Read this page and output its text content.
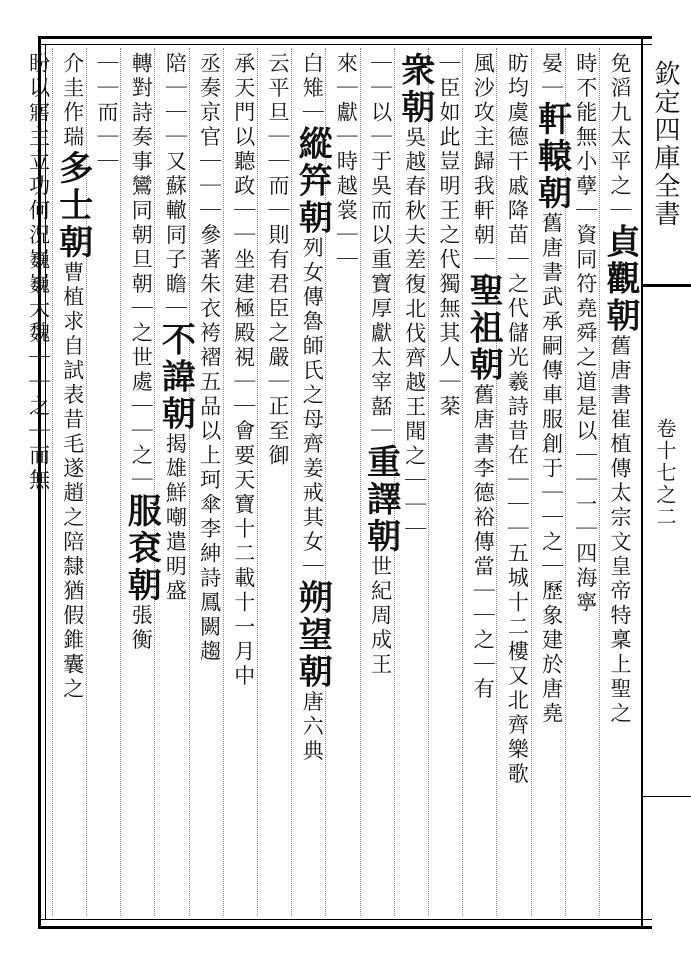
欽定四庫全書
卷十七之二
免滔九太平之｜貞觀朝舊唐書崔植傳太宗文皇帝特稟上聖之
時不能無小孽｜資同符堯舜之道是以｜｜一｜四海寧
晏｜軒轅朝舊唐書武承嗣傳車服創于｜｜之｜歷象建於唐堯
昉均虞德干戚降苗｜之代儲光羲詩昔在｜｜｜五城十二樓又北齊樂歌
風沙攻主歸我軒朝｜聖祖朝舊唐書李德裕傳當｜｜之｜有
｜臣如此豈明王之代獨無其人｜棻
衆朝吳越春秋夫差復北伐齊越王聞之｜｜｜
｜｜以｜于吳而以重寶厚獻太宰嚭｜重譯朝世紀周成王
來｜獻｜時越裳｜｜
白雉｜縱筓朝列女傳魯師氏之母齊姜戒其女｜朔望朝唐六典
云平旦｜｜而｜則有君臣之嚴｜正至御
承天門以聽政｜｜坐建極殿視｜｜會要天寶十二載十一月中
丞奏京官｜｜｜參著朱衣袴褶五品以上珂傘李紳詩鳳闕趨
陪｜｜｜又蘇轍同子瞻｜不諱朝揭雄鮮嘲遣明盛
轉對詩奏事鸞同朝旦朝｜之世處｜｜之｜服袞朝張衡
｜｜而｜｜
介圭作瑞多士朝曹植求自試表昔毛遂趙之陪隸猶假錐囊之
盼以寤主立功何況巍巍大魏｜｜之｜而無
